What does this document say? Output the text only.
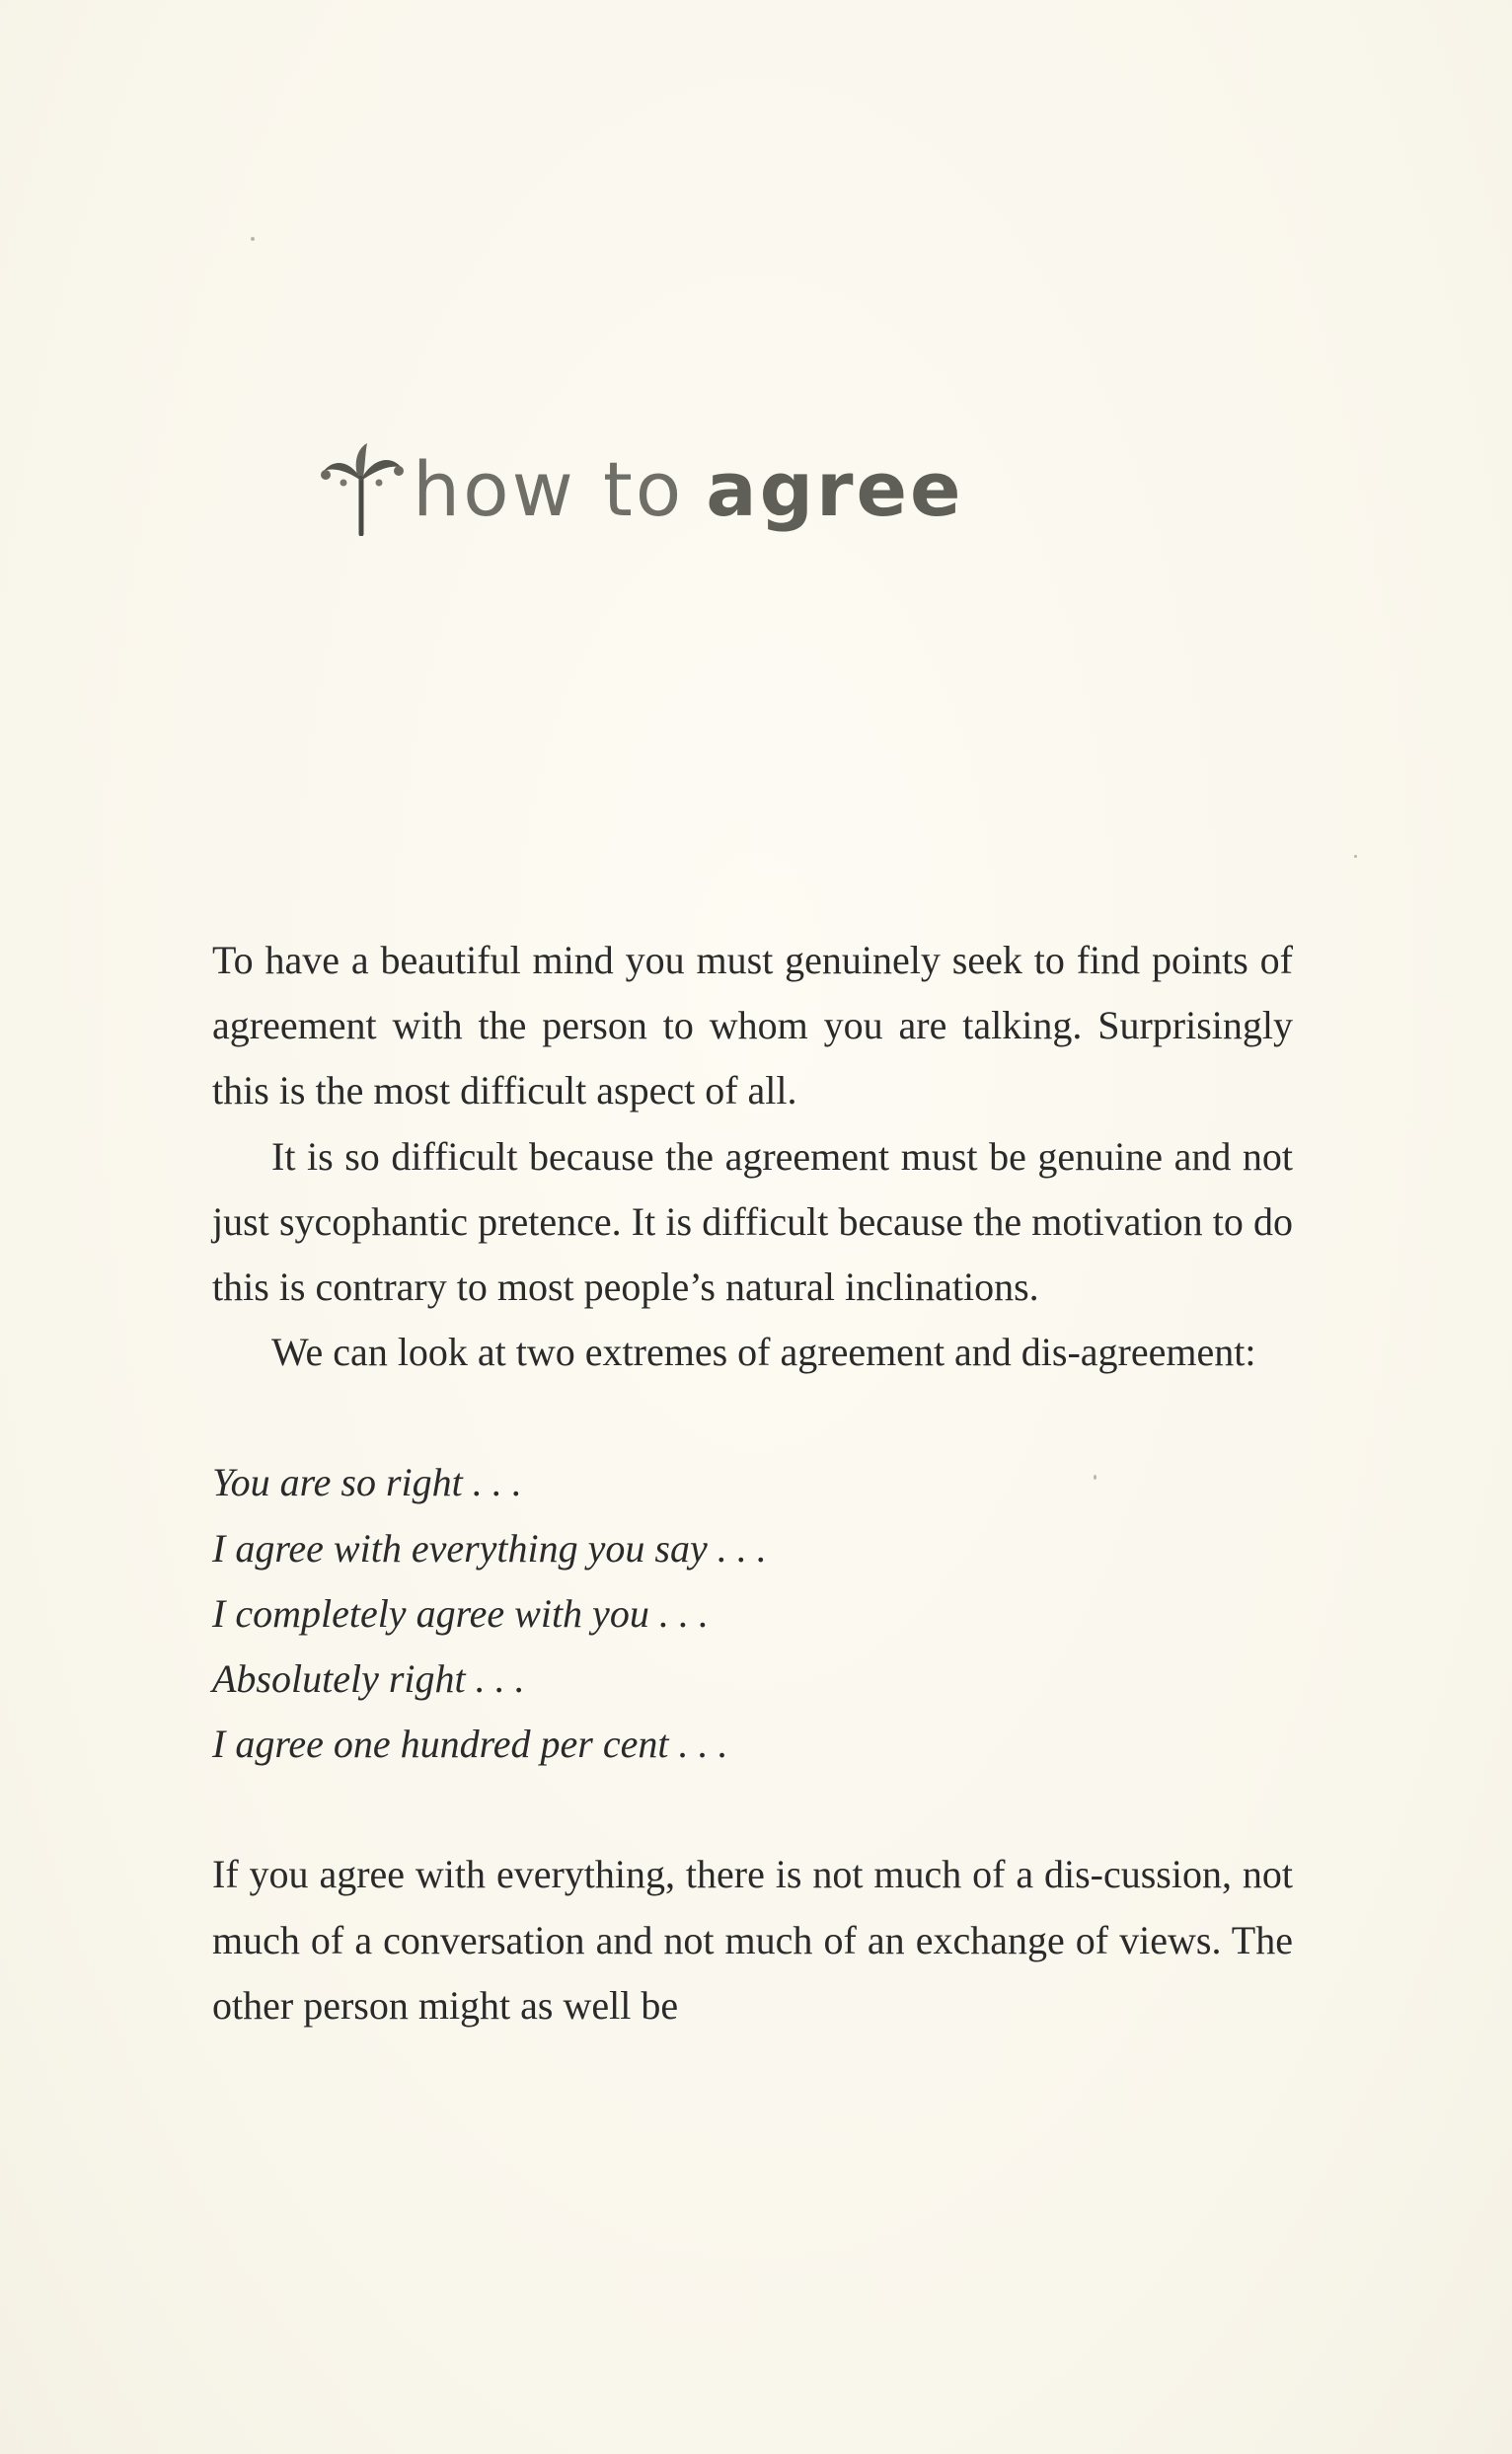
how to agree

To have a beautiful mind you must genuinely seek to find points of agreement with the person to whom you are talking. Surprisingly this is the most difficult aspect of all.

It is so difficult because the agreement must be genuine and not just sycophantic pretence. It is difficult because the motivation to do this is contrary to most people’s natural inclinations.

We can look at two extremes of agreement and dis-agreement:

You are so right . . .
I agree with everything you say . . .
I completely agree with you . . .
Absolutely right . . .
I agree one hundred per cent . . .

If you agree with everything, there is not much of a dis-cussion, not much of a conversation and not much of an exchange of views. The other person might as well be
